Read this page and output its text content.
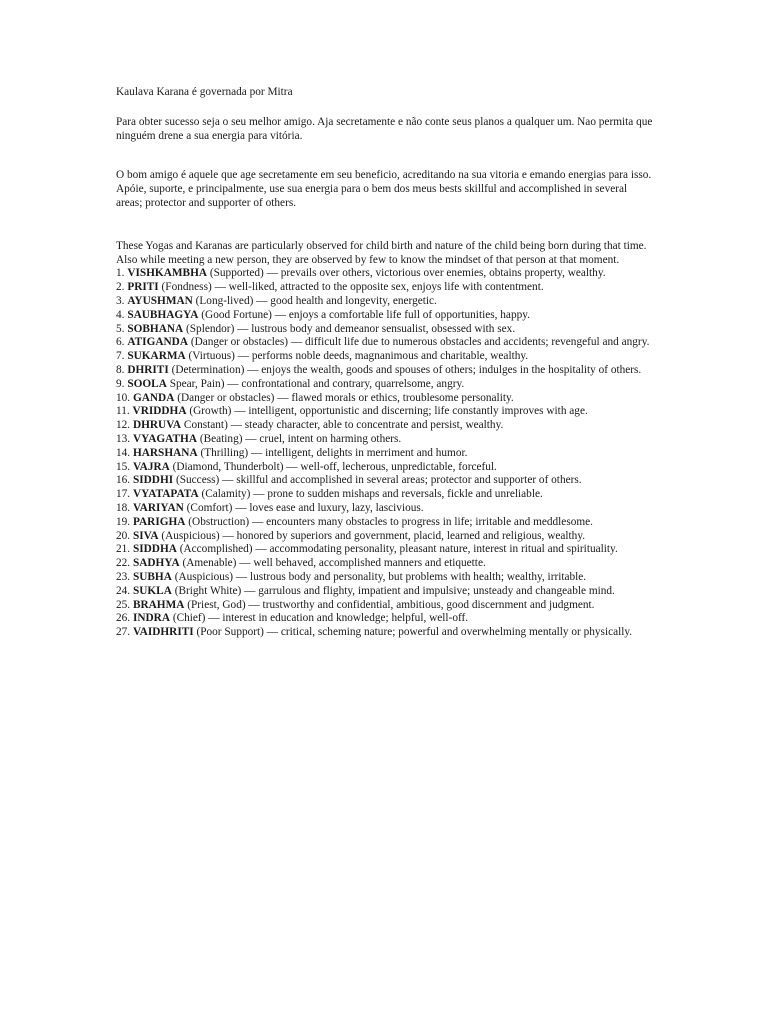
Kaulava Karana é governada por Mitra

Para obter sucesso seja o seu melhor amigo. Aja secretamente e não conte seus planos a qualquer um. Nao permita que ninguém drene a sua energia para vitória.

O bom amigo é aquele que age secretamente em seu beneficio, acreditando na sua vitoria e emando energias para isso. Apóie, suporte, e principalmente, use sua energia para o bem dos meus bests skillful and accomplished in several areas; protector and supporter of others.

These Yogas and Karanas are particularly observed for child birth and nature of the child being born during that time.

Also while meeting a new person, they are observed by few to know the mindset of that person at that moment.

1. VISHKAMBHA (Supported) — prevails over others, victorious over enemies, obtains property, wealthy.

2. PRITI (Fondness) — well-liked, attracted to the opposite sex, enjoys life with contentment.

3. AYUSHMAN (Long-lived) — good health and longevity, energetic.

4. SAUBHAGYA (Good Fortune) — enjoys a comfortable life full of opportunities, happy.

5. SOBHANA (Splendor) — lustrous body and demeanor sensualist, obsessed with sex.

6. ATIGANDA (Danger or obstacles) — difficult life due to numerous obstacles and accidents; revengeful and angry.

7. SUKARMA (Virtuous) — performs noble deeds, magnanimous and charitable, wealthy.

8. DHRITI (Determination) — enjoys the wealth, goods and spouses of others; indulges in the hospitality of others.

9. SOOLA Spear, Pain) — confrontational and contrary, quarrelsome, angry.

10. GANDA (Danger or obstacles) — flawed morals or ethics, troublesome personality.

11. VRIDDHA (Growth) — intelligent, opportunistic and discerning; life constantly improves with age.

12. DHRUVA Constant) — steady character, able to concentrate and persist, wealthy.

13. VYAGATHA (Beating) — cruel, intent on harming others.

14. HARSHANA (Thrilling) — intelligent, delights in merriment and humor.

15. VAJRA (Diamond, Thunderbolt) — well-off, lecherous, unpredictable, forceful.

16. SIDDHI (Success) — skillful and accomplished in several areas; protector and supporter of others.

17. VYATAPATA (Calamity) — prone to sudden mishaps and reversals, fickle and unreliable.

18. VARIYAN (Comfort) — loves ease and luxury, lazy, lascivious.

19. PARIGHA (Obstruction) — encounters many obstacles to progress in life; irritable and meddlesome.

20. SIVA (Auspicious) — honored by superiors and government, placid, learned and religious, wealthy.

21. SIDDHA (Accomplished) — accommodating personality, pleasant nature, interest in ritual and spirituality.

22. SADHYA (Amenable) — well behaved, accomplished manners and etiquette.

23. SUBHA (Auspicious) — lustrous body and personality, but problems with health; wealthy, irritable.

24. SUKLA (Bright White) — garrulous and flighty, impatient and impulsive; unsteady and changeable mind.

25. BRAHMA (Priest, God) — trustworthy and confidential, ambitious, good discernment and judgment.

26. INDRA (Chief) — interest in education and knowledge; helpful, well-off.

27. VAIDHRITI (Poor Support) — critical, scheming nature; powerful and overwhelming mentally or physically.
